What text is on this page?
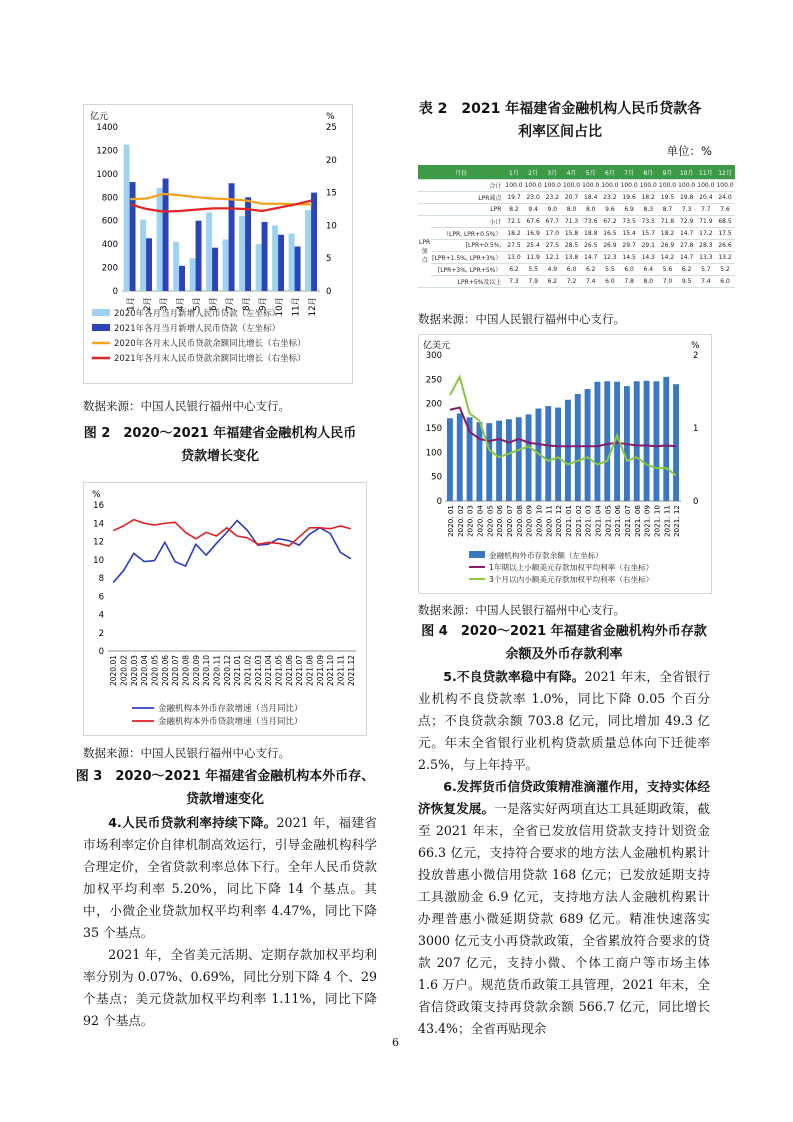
亿元	%
1400
1200
1000
800
600
400
200
0
25
20
15
10
5
0
1月 2月 3月 4月 5月 6月 7月 8月 9月 10月 11月 12月
2020年各月当月新增人民币贷款（左坐标）
2021年各月当月新增人民币贷款（左坐标）
2020年各月末人民币贷款余额同比增长（右坐标）
2021年各月末人民币贷款余额同比增长（右坐标）
数据来源：中国人民银行福州中心支行。
图 2　2020～2021 年福建省金融机构人民币
贷款增长变化
%
16
14
12
10
8
6
4
2
0
2020.01 2020.02 2020.03 2020.04 2020.05 2020.06 2020.07 2020.08 2020.09 2020.10 2020.11 2020.12 2021.01 2021.02 2021.03 2021.04 2021.05 2021.06 2021.07 2021.08 2021.09 2021.10 2021.11 2021.12
金融机构本外币存款增速（当月同比）
金融机构本外币贷款增速（当月同比）
数据来源：中国人民银行福州中心支行。
图 3　2020～2021 年福建省金融机构本外币存、
贷款增速变化

4.人民币贷款利率持续下降。2021 年，福建省市场利率定价自律机制高效运行，引导金融机构科学合理定价，全省贷款利率总体下行。全年人民币贷款加权平均利率 5.20%，同比下降 14 个基点。其中，小微企业贷款加权平均利率 4.47%，同比下降 35 个基点。

2021 年，全省美元活期、定期存款加权平均利率分别为 0.07%、0.69%，同比分别下降 4 个、29 个基点；美元贷款加权平均利率 1.11%，同比下降 92 个基点。

表 2　2021 年福建省金融机构人民币贷款各
利率区间占比
单位：%
月份		1月	2月	3月	4月	5月	6月	7月	8月	9月	10月	11月	12月
	合计	100.0	100.0	100.0	100.0	100.0	100.0	100.0	100.0	100.0	100.0	100.0	100.0
	LPR减点	19.7	23.0	23.2	20.7	18.4	23.2	19.6	18.2	19.5	19.8	20.4	24.0
	LPR	8.2	9.4	9.0	8.0	8.0	9.6	6.9	8.3	8.7	7.3	7.7	7.6
LPR加点	小计	72.1	67.6	67.7	71.3	73.6	67.2	73.5	73.5	71.8	72.9	71.9	68.5
	（LPR, LPR+0.5%）	18.2	16.9	17.0	15.8	18.8	16.5	15.4	15.7	18.2	14.7	17.2	17.5
	[LPR+0.5%,	27.5	25.4	27.5	28.5	26.5	26.9	29.7	29.1	26.9	27.8	28.3	26.6
	[LPR+1.5%, LPR+3%）	13.0	11.9	12.1	13.8	14.7	12.3	14.5	14.3	14.2	14.7	13.3	13.2
	[LPR+3%, LPR+5%）	6.2	5.5	4.9	6.0	6.2	5.5	6.0	6.4	5.6	6.2	5.7	5.2
	LPR+5%及以上	7.3	7.9	6.2	7.2	7.4	6.0	7.8	8.0	7.0	9.5	7.4	6.0
数据来源：中国人民银行福州中心支行。
亿美元	%
300
250
200
150
100
50
0
2
1
0
2020. 01 2020. 02 2020. 03 2020. 04 2020. 05 2020. 06 2020. 07 2020. 08 2020. 09 2020. 10 2020. 11 2020. 12 2021. 01 2021. 02 2021. 03 2021. 04 2021. 05 2021. 06 2021. 07 2021. 08 2021. 09 2021. 10 2021. 11 2021. 12
金融机构外币存款余额（左坐标）
1年期以上小额美元存款加权平均利率（右坐标）
3个月以内小额美元存款加权平均利率（右坐标）
数据来源：中国人民银行福州中心支行。
图 4　2020～2021 年福建省金融机构外币存款
余额及外币存款利率

5.不良贷款率稳中有降。2021 年末，全省银行业机构不良贷款率 1.0%，同比下降 0.05 个百分点；不良贷款余额 703.8 亿元，同比增加 49.3 亿元。年末全省银行业机构贷款质量总体向下迁徙率 2.5%，与上年持平。

6.发挥货币信贷政策精准滴灌作用，支持实体经济恢复发展。一是落实好两项直达工具延期政策，截至 2021 年末，全省已发放信用贷款支持计划资金 66.3 亿元，支持符合要求的地方法人金融机构累计投放普惠小微信用贷款 168 亿元；已发放延期支持工具激励金 6.9 亿元，支持地方法人金融机构累计办理普惠小微延期贷款 689 亿元。精准快速落实 3000 亿元支小再贷款政策，全省累放符合要求的贷款 207 亿元，支持小微、个体工商户等市场主体 1.6 万户。规范货币政策工具管理，2021 年末，全省信贷政策支持再贷款余额 566.7 亿元，同比增长 43.4%；全省再贴现余

6
